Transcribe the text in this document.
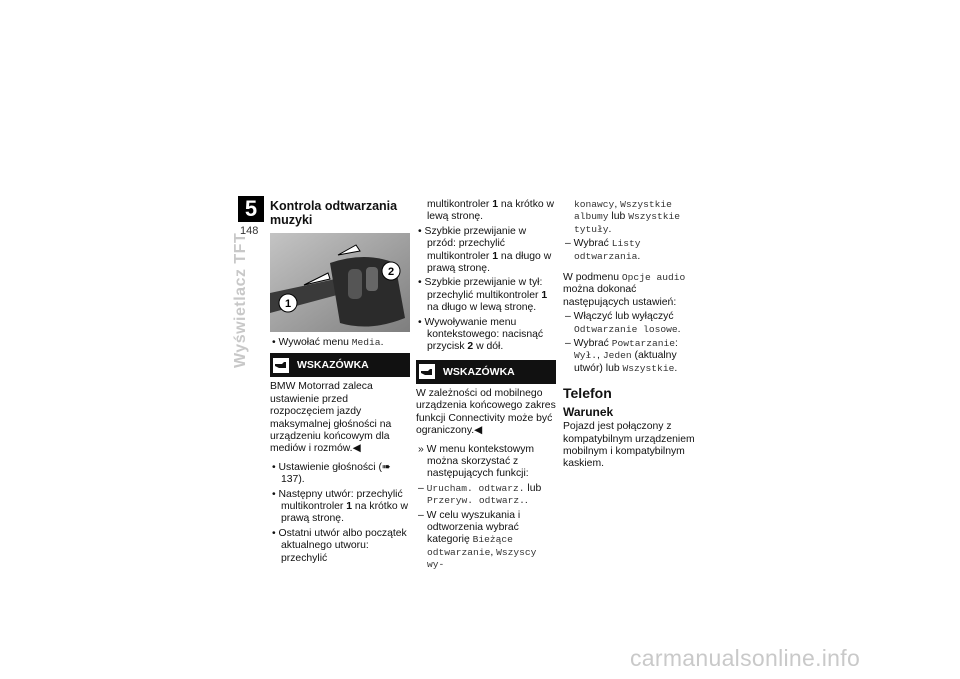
5
148
Wyświetlacz TFT

Kontrola odtwarzania muzyki

1
2

• Wywołać menu Media.

WSKAZÓWKA

BMW Motorrad zaleca ustawienie przed rozpoczęciem jazdy maksymalnej głośności na urządzeniu końcowym dla mediów i rozmów.◀

• Ustawienie głośności (➠ 137).

• Następny utwór: przechylić multikontroler 1 na krótko w prawą stronę.

• Ostatni utwór albo początek aktualnego utworu: przechylić

multikontroler 1 na krótko w lewą stronę.

• Szybkie przewijanie w przód: przechylić multikontroler 1 na długo w prawą stronę.

• Szybkie przewijanie w tył: przechylić multikontroler 1 na długo w lewą stronę.

• Wywoływanie menu kontekstowego: nacisnąć przycisk 2 w dół.

WSKAZÓWKA

W zależności od mobilnego urządzenia końcowego zakres funkcji Connectivity może być ograniczony.◀

» W menu kontekstowym można skorzystać z następujących funkcji:

– Urucham. odtwarz. lub Przeryw. odtwarz..

– W celu wyszukania i odtworzenia wybrać kategorię Bieżące odtwarzanie, Wszyscy wy-

konawcy, Wszystkie albumy lub Wszystkie tytuły.

– Wybrać Listy odtwarzania.

W podmenu Opcje audio można dokonać następujących ustawień:

– Włączyć lub wyłączyć Odtwarzanie losowe.

– Wybrać Powtarzanie: Wył., Jeden (aktualny utwór) lub Wszystkie.

Telefon

Warunek

Pojazd jest połączony z kompatybilnym urządzeniem mobilnym i kompatybilnym kaskiem.

carmanualsonline.info
